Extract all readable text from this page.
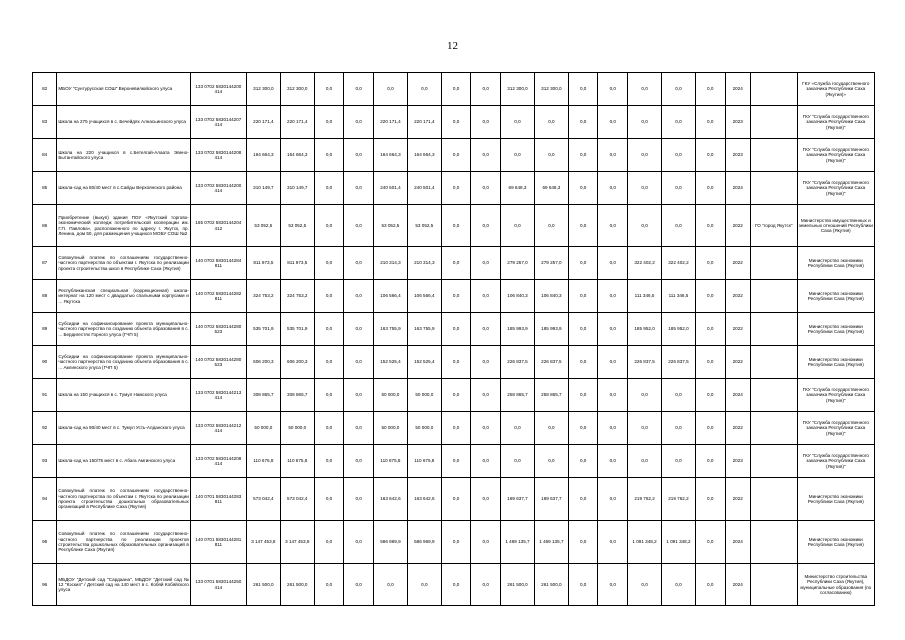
12
82	МБОУ "Сунтурусская СОШ" Верхневилюйского улуса	133 0702 5830144200 414	312 300,0	312 300,0	0,0	0,0	0,0	0,0	0,0	0,0	312 300,0	312 300,0	0,0	0,0	0,0	0,0	0,0	2024		ГКУ «Служба государственного заказчика Республики Саха (Якутия)»
83	Школа на 275 учащихся в с. Бечейдях Алнасьинского улуса	133 0702 5830144207 414	220 171,4	220 171,4	0,0	0,0	220 171,4	220 171,4	0,0	0,0	0,0	0,0	0,0	0,0	0,0	0,0	0,0	2023		ГКУ "Служба государственного заказчика Республики Саха (Якутия)"
84	Школа на 220 учащихся в с.Бетелгай-Алаата Эвено-Бытантайского улуса	133 0702 5830144208 414	164 664,3	164 664,3	0,0	0,0	164 664,3	164 664,3	0,0	0,0	0,0	0,0	0,0	0,0	0,0	0,0	0,0	2023		ГКУ "Служба государственного заказчика Республики Саха (Якутия)"
85	Школа-сад на 80/40 мест в с.Сайды Верхоянского района	133 0702 5830144200 414	310 149,7	310 149,7	0,0	0,0	240 501,4	240 501,4	0,0	0,0	69 648,3	69 648,3	0,0	0,0	0,0	0,0	0,0	2024		ГКУ "Служба государственного заказчика Республики Саха (Якутия)"
86	Приобретение (выкуп) здания ПОУ «Якутский торгово-экономический колледж потребительской кооперации им. Г.П. Павлова», расположенного по адресу г. Якутск, пр. Ленина, дом 50, для размещения учащихся МОБУ СОШ №2	165 0702 5830144204 412	53 052,5	53 052,5	0,0	0,0	53 052,5	53 052,5	0,0	0,0	0,0	0,0	0,0	0,0	0,0	0,0	0,0	2022	ГО "город Якутск"	Министерство имущественных и земельных отношений Республики Саха (Якутия)
87	Совокупный платеж по соглашениям государственно-частного партнерства по объектам г. Якутска по реализации проекта строительства школ в Республике Саха (Якутия)	140 0702 5830144284 811	811 973,5	811 973,5	0,0	0,0	210 314,3	210 314,3	0,0	0,0	279 257,0	279 257,0	0,0	0,0	322 402,2	322 402,2	0,0	2022		Министерство экономики Республики Саха (Якутия)
88	Республиканская специальная (коррекционная) школа-интернат на 120 мест с двадцатью спальными корпусами и ... Якутска	140 0702 5830144282 811	324 753,2	324 753,2	0,0	0,0	106 566,4	106 566,4	0,0	0,0	106 840,3	106 840,3	0,0	0,0	111 346,5	111 346,5	0,0	2022		Министерство экономики Республики Саха (Якутия)
89	Субсидии на софинансирование проекта муниципально-частного партнерства по созданию объекта образования в с. ... Бердигестях Горного улуса (ГЧП 5)	140 0702 5830144280 523	535 701,9	535 701,9	0,0	0,0	163 755,9	163 755,9	0,0	0,0	185 993,9	185 993,9	0,0	0,0	185 952,0	185 952,0	0,0	2022		Министерство экономики Республики Саха (Якутия)
90	Субсидии на софинансирование проекта муниципально-частного партнерства по созданию объекта образования в с. ... Амгинского улуса (ГЧП 5)	140 0702 5830144280 523	606 200,3	606 200,3	0,0	0,0	152 525,4	152 525,4	0,0	0,0	226 837,5	226 837,5	0,0	0,0	226 837,5	226 837,5	0,0	2022		Министерство экономики Республики Саха (Якутия)
91	Школа на 150 учащихся в с. Тумул Намского улуса	133 0702 5830144213 414	308 865,7	308 865,7	0,0	0,0	50 000,0	50 000,0	0,0	0,0	258 865,7	258 865,7	0,0	0,0	0,0	0,0	0,0	2024		ГКУ "Служба государственного заказчика Республики Саха (Якутия)"
92	Школа-сад на 90/40 мест в с. Тумул Усть-Алданского улуса	133 0702 5830144212 414	50 000,0	50 000,0	0,0	0,0	50 000,0	50 000,0	0,0	0,0	0,0	0,0	0,0	0,0	0,0	0,0	0,0	2022		ГКУ "Служба государственного заказчика Республики Саха (Якутия)"
93	Школа-сад на 150/75 мест в с. Абага Амгинского улуса	133 0702 5830144208 414	110 675,8	110 675,8	0,0	0,0	110 675,8	110 675,8	0,0	0,0	0,0	0,0	0,0	0,0	0,0	0,0	0,0	2023		ГКУ "Служба государственного заказчика Республики Саха (Якутия)"
94	Совокупный платеж по соглашениям государственно-частного партнерства по объектам г. Якутска по реализации проекта строительства дошкольных образовательных организаций в Республике Саха (Якутия)	140 0701 5830144283 811	573 042,4	573 042,4	0,0	0,0	163 642,6	163 642,6	0,0	0,0	189 637,7	189 637,7	0,0	0,0	219 762,2	219 762,2	0,0	2022		Министерство экономики Республики Саха (Якутия)
95	Совокупный платеж по соглашениям государственно-частного партнерства по реализации проектов строительства дошкольных образовательных организаций в Республике Саха (Якутия)	140 0701 5830144281 811	3 147 453,8	3 147 453,8	0,0	0,0	586 969,9	586 969,9	0,0	0,0	1 469 135,7	1 469 135,7	0,0	0,0	1 091 348,2	1 091 348,2	0,0	2024		Министерство экономики Республики Саха (Якутия)
96	МБДОУ "Детский сад "Сардаана", МБДОУ "Детский сад № 12 "Кэскил" / Детский сад на 140 мест в с. Кобяй Кобяйского улуса	133 0701 5830144250 414	261 500,0	261 500,0	0,0	0,0	0,0	0,0	0,0	0,0	261 500,0	261 500,0	0,0	0,0	0,0	0,0	0,0	2024		Министерство строительства Республики Саха (Якутия), муниципальные образования (по согласованию)
